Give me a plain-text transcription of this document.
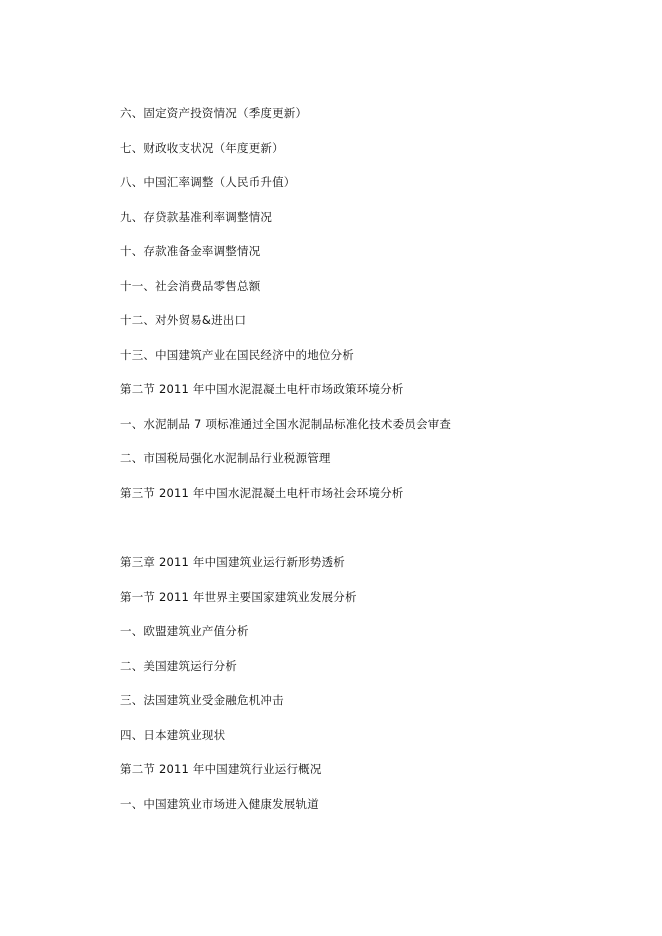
六、固定资产投资情况（季度更新）
七、财政收支状况（年度更新）
八、中国汇率调整（人民币升值）
九、存贷款基准利率调整情况
十、存款准备金率调整情况
十一、社会消费品零售总额
十二、对外贸易&进出口
十三、中国建筑产业在国民经济中的地位分析
第二节 2011 年中国水泥混凝土电杆市场政策环境分析
一、水泥制品 7 项标准通过全国水泥制品标准化技术委员会审查
二、市国税局强化水泥制品行业税源管理
第三节 2011 年中国水泥混凝土电杆市场社会环境分析
第三章 2011 年中国建筑业运行新形势透析
第一节 2011 年世界主要国家建筑业发展分析
一、欧盟建筑业产值分析
二、美国建筑运行分析
三、法国建筑业受金融危机冲击
四、日本建筑业现状
第二节 2011 年中国建筑行业运行概况
一、中国建筑业市场进入健康发展轨道
